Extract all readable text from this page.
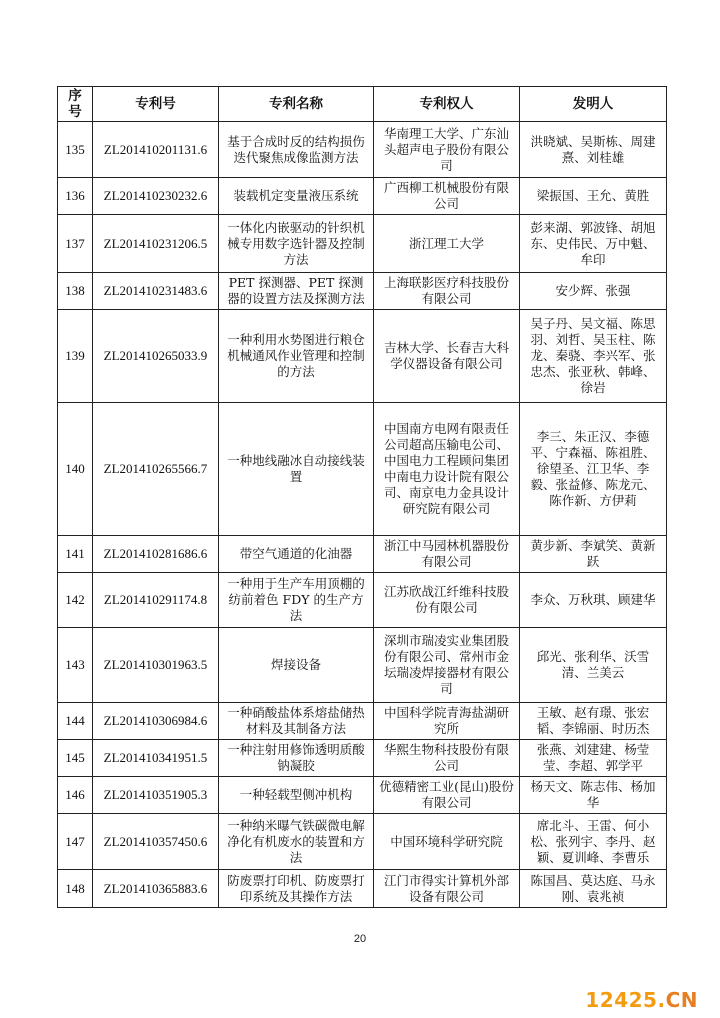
序号	专利号	专利名称	专利权人	发明人
135	ZL201410201131.6	基于合成时反的结构损伤迭代聚焦成像监测方法	华南理工大学、广东汕头超声电子股份有限公司	洪晓斌、吴斯栋、周建熹、刘桂雄
136	ZL201410230232.6	装载机定变量液压系统	广西柳工机械股份有限公司	梁振国、王允、黄胜
137	ZL201410231206.5	一体化内嵌驱动的针织机械专用数字选针器及控制方法	浙江理工大学	彭来湖、郭波锋、胡旭东、史伟民、万中魁、牟印
138	ZL201410231483.6	PET 探测器、PET 探测器的设置方法及探测方法	上海联影医疗科技股份有限公司	安少辉、张强
139	ZL201410265033.9	一种利用水势图进行粮仓机械通风作业管理和控制的方法	吉林大学、长春吉大科学仪器设备有限公司	吴子丹、吴文福、陈思羽、刘哲、吴玉柱、陈龙、秦骁、李兴军、张忠杰、张亚秋、韩峰、徐岩
140	ZL201410265566.7	一种地线融冰自动接线装置	中国南方电网有限责任公司超高压输电公司、中国电力工程顾问集团中南电力设计院有限公司、南京电力金具设计研究院有限公司	李三、朱正汉、李德平、宁森福、陈祖胜、徐望圣、江卫华、李毅、张益修、陈龙元、陈作新、方伊莉
141	ZL201410281686.6	带空气通道的化油器	浙江中马园林机器股份有限公司	黄步新、李斌笑、黄新跃
142	ZL201410291174.8	一种用于生产车用顶棚的纺前着色 FDY 的生产方法	江苏欣战江纤维科技股份有限公司	李众、万秋琪、顾建华
143	ZL201410301963.5	焊接设备	深圳市瑞凌实业集团股份有限公司、常州市金坛瑞凌焊接器材有限公司	邱光、张利华、沃雪清、兰美云
144	ZL201410306984.6	一种硝酸盐体系熔盐储热材料及其制备方法	中国科学院青海盐湖研究所	王敏、赵有璟、张宏韬、李锦丽、时历杰
145	ZL201410341951.5	一种注射用修饰透明质酸钠凝胶	华熙生物科技股份有限公司	张燕、刘建建、杨莹莹、李超、郭学平
146	ZL201410351905.3	一种轻载型侧冲机构	优德精密工业(昆山)股份有限公司	杨天文、陈志伟、杨加华
147	ZL201410357450.6	一种纳米曝气铁碳微电解净化有机废水的装置和方法	中国环境科学研究院	席北斗、王雷、何小松、张列宇、李丹、赵颖、夏训峰、李曹乐
148	ZL201410365883.6	防废票打印机、防废票打印系统及其操作方法	江门市得实计算机外部设备有限公司	陈国昌、莫达庭、马永刚、袁兆祯
20
12425.CN
